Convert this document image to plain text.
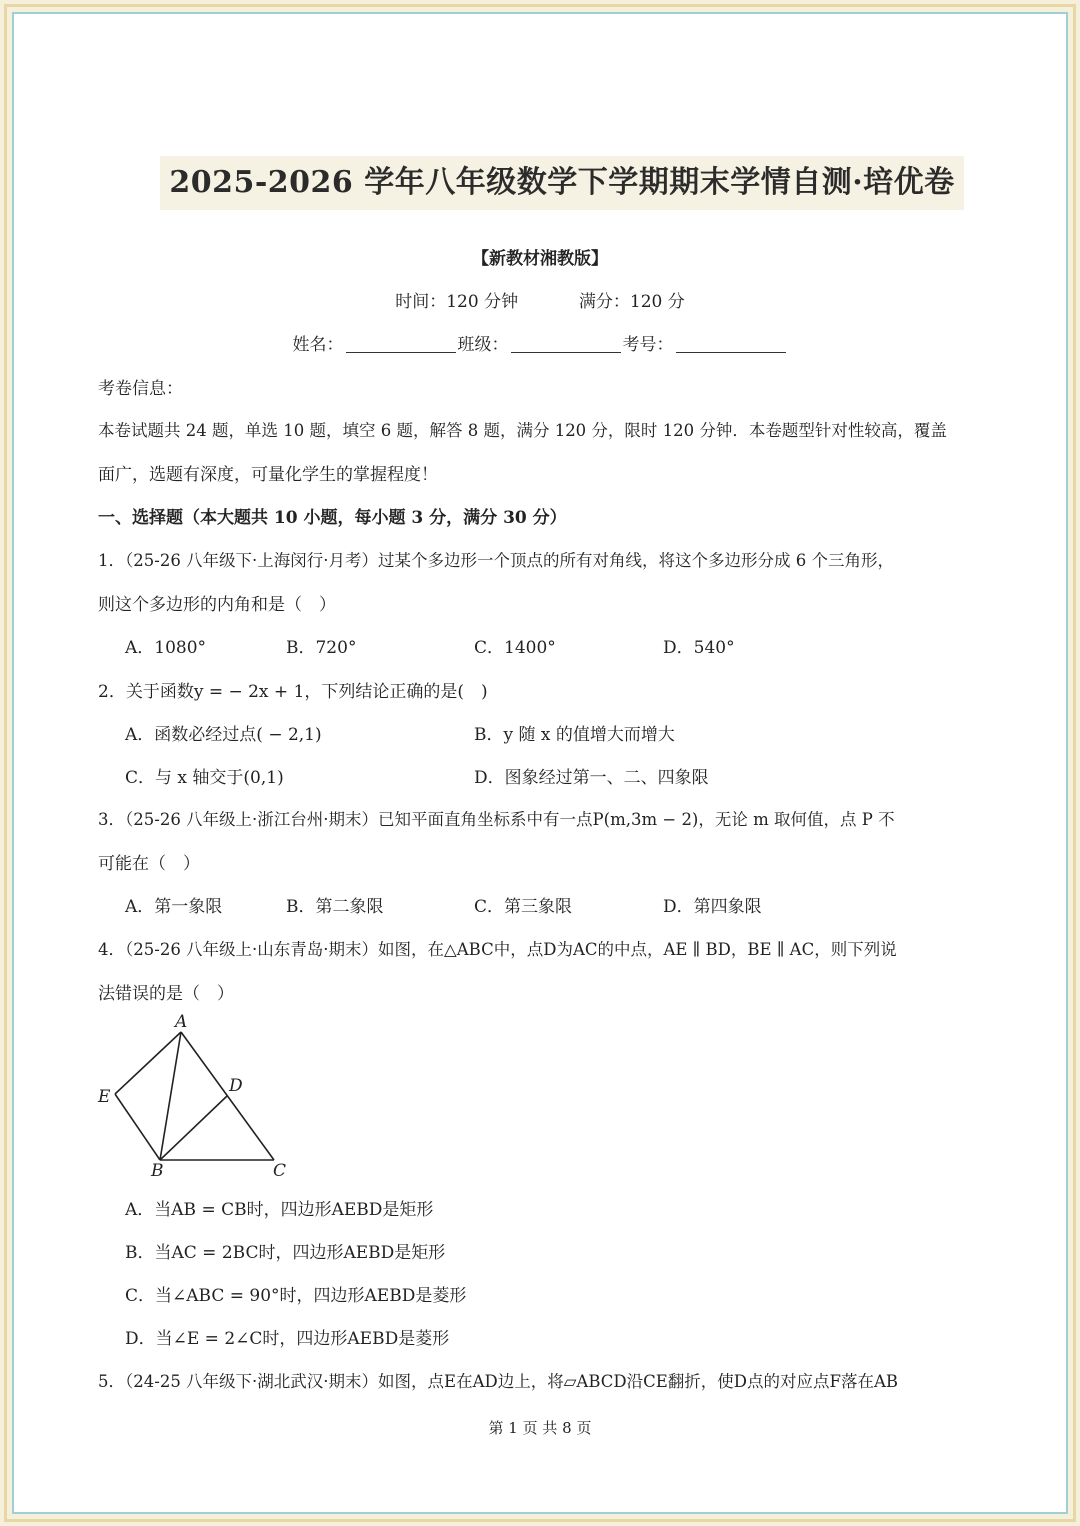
2025-2026 学年八年级数学下学期期末学情自测·培优卷
【新教材湘教版】
时间：120 分钟	满分：120 分
姓名：	班级：	考号：
考卷信息：
本卷试题共 24 题，单选 10 题，填空 6 题，解答 8 题，满分 120 分，限时 120 分钟．本卷题型针对性较高，覆盖
面广，选题有深度，可量化学生的掌握程度！
一、选择题（本大题共 10 小题，每小题 3 分，满分 30 分）
1．（25-26 八年级下·上海闵行·月考）过某个多边形一个顶点的所有对角线，将这个多边形分成 6 个三角形，
则这个多边形的内角和是（　）
A．1080°	B．720°	C．1400°	D．540°
2．关于函数y = − 2x + 1，下列结论正确的是(　)
A．函数必经过点( − 2,1)	B．y 随 x 的值增大而增大
C．与 x 轴交于(0,1)	D．图象经过第一、二、四象限
3．（25-26 八年级上·浙江台州·期末）已知平面直角坐标系中有一点P(m,3m − 2)，无论 m 取何值，点 P 不
可能在（　）
A．第一象限	B．第二象限	C．第三象限	D．第四象限
4．（25-26 八年级上·山东青岛·期末）如图，在△ABC中，点D为AC的中点，AE ∥ BD，BE ∥ AC，则下列说
法错误的是（　）
A
E
D
B	C
A．当AB = CB时，四边形AEBD是矩形
B．当AC = 2BC时，四边形AEBD是矩形
C．当∠ABC = 90°时，四边形AEBD是菱形
D．当∠E = 2∠C时，四边形AEBD是菱形
5．（24-25 八年级下·湖北武汉·期末）如图，点E在AD边上，将▱ABCD沿CE翻折，使D点的对应点F落在AB
第 1 页 共 8 页
